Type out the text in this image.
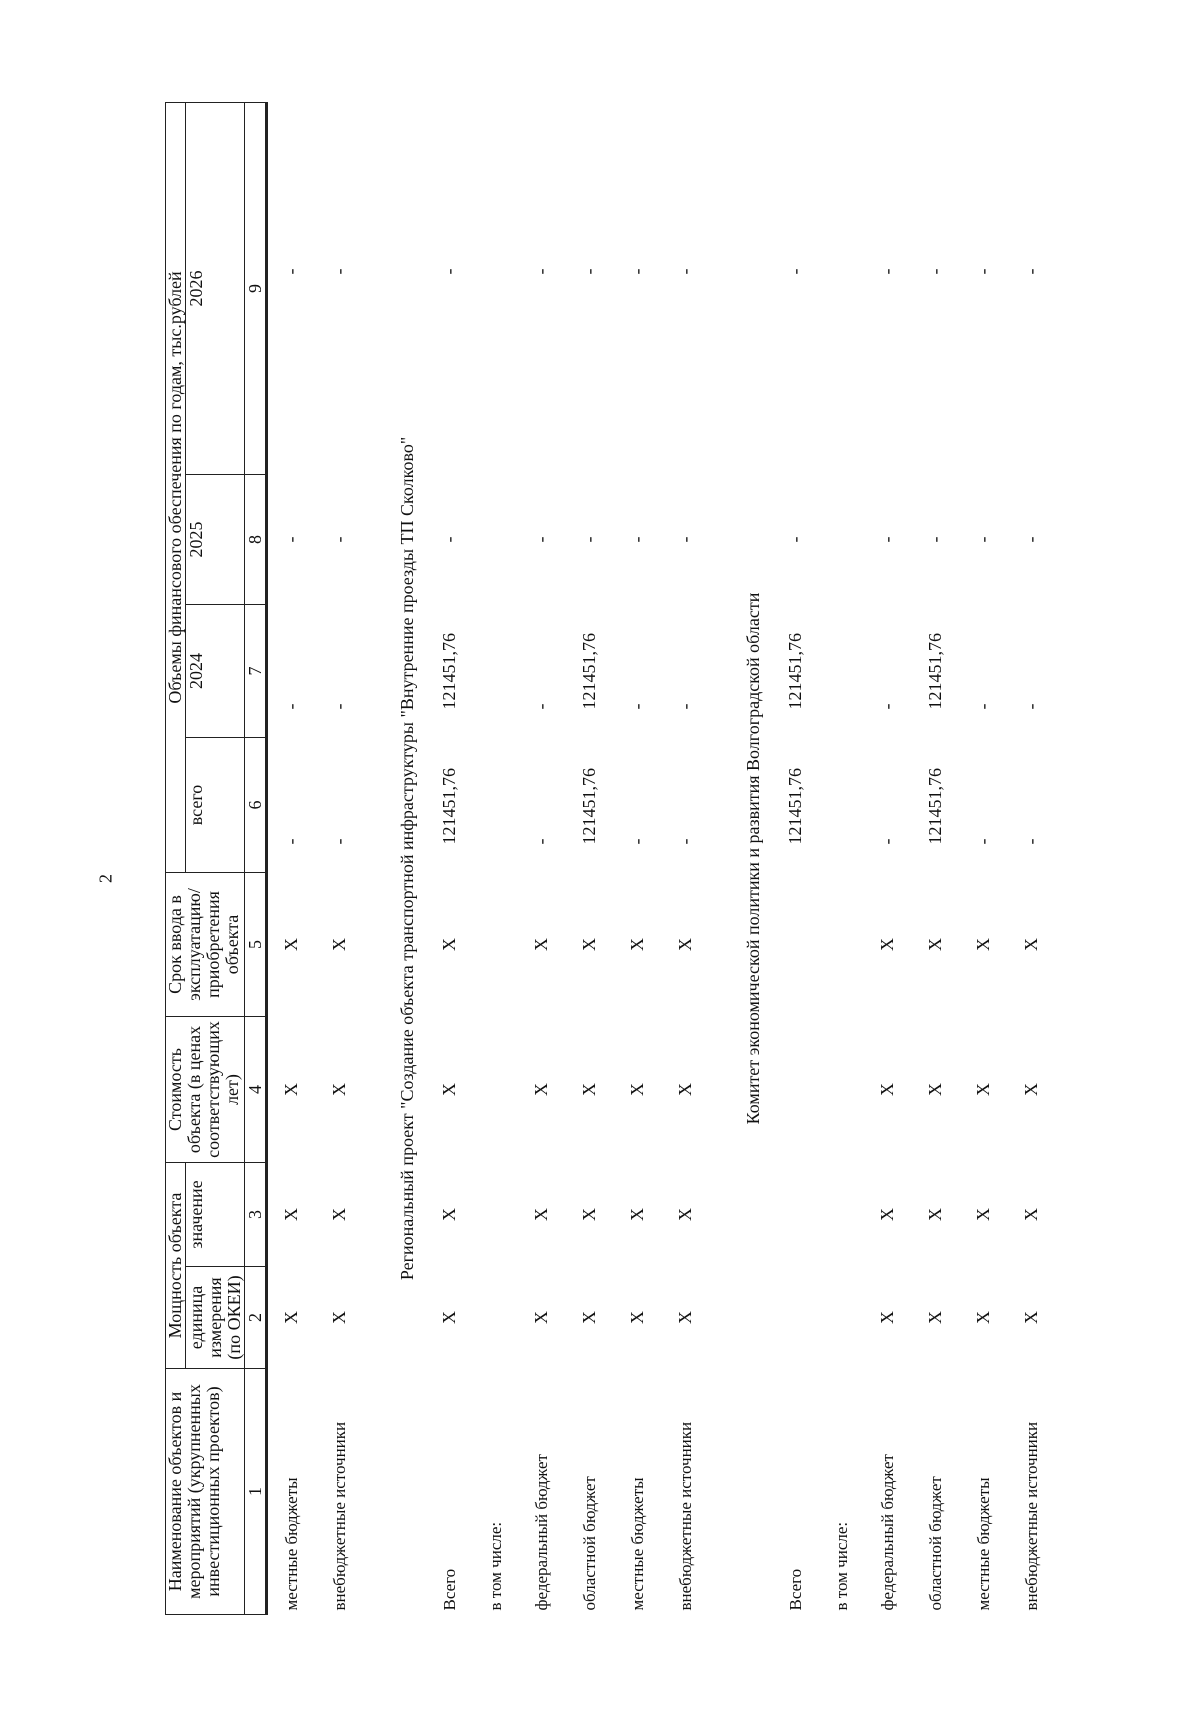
2
Наименование объектов и мероприятий (укрупненных инвестиционных проектов)	Мощность объекта		Стоимость объекта (в ценах соответствующих лет)	Срок ввода в эксплуатацию/ приобретения объекта	Объемы финансового обеспечения по годам, тыс.рублей			
	единица измерения (по ОКЕИ)	значение			всего	2024	2025	2026
1	2	3	4	5	6	7	8	9
местные бюджеты	X	X	X	X	-	-	-	-
внебюджетные источники	X	X	X	X	-	-	-	-
Региональный проект "Создание объекта транспортной инфраструктуры "Внутренние проезды ТП Сколково"								
Всего	X	X	X	X	121451,76	121451,76	-	-
в том числе:								
федеральный бюджет	X	X	X	X	-	-	-	-
областной бюджет	X	X	X	X	121451,76	121451,76	-	-
местные бюджеты	X	X	X	X	-	-	-	-
внебюджетные источники	X	X	X	X	-	-	-	-
Комитет экономической политики и развития Волгоградской области								
Всего					121451,76	121451,76	-	-
в том числе:								
федеральный бюджет	X	X	X	X	-	-	-	-
областной бюджет	X	X	X	X	121451,76	121451,76	-	-
местные бюджеты	X	X	X	X	-	-	-	-
внебюджетные источники	X	X	X	X	-	-	-	-
